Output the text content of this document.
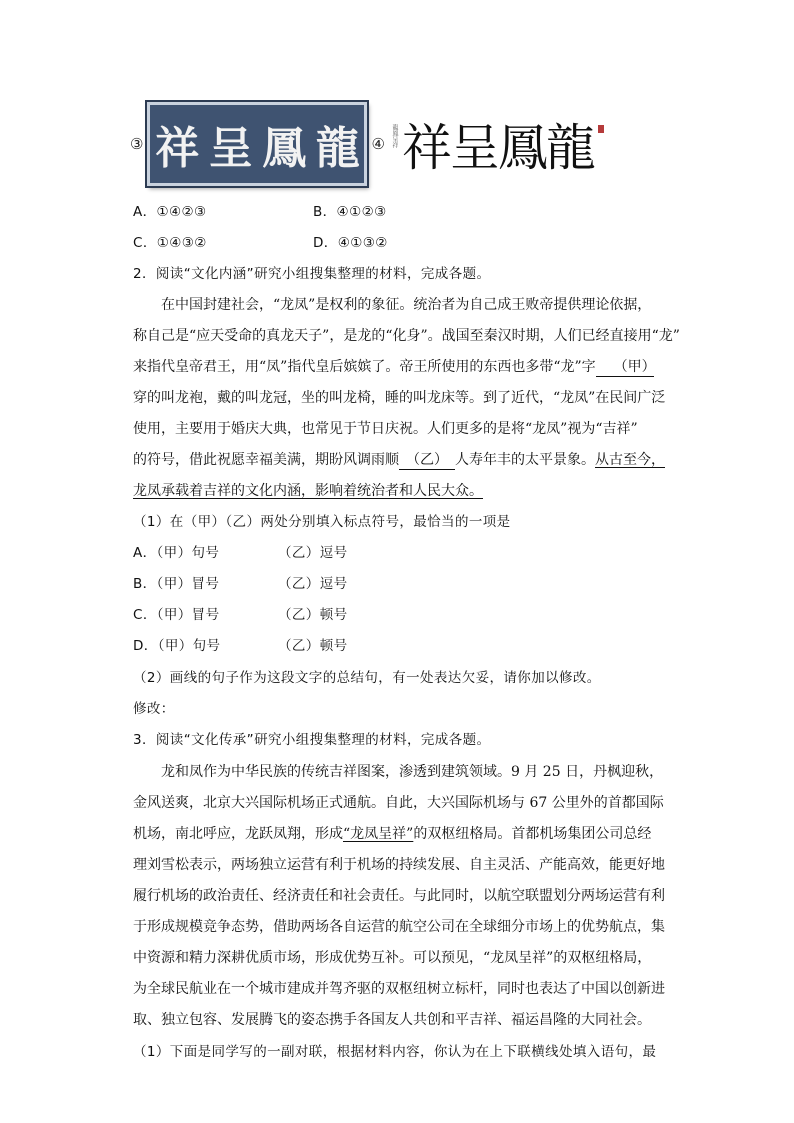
③ 祥 呈 鳳 龍 ④ 龍鳳呈祥 祥呈鳳龍
A．①④②③	B．④①②③
C．①④③②	D．④①③②
2．阅读“文化内涵”研究小组搜集整理的材料，完成各题。
在中国封建社会，“龙凤”是权利的象征。统治者为自己成王败帝提供理论依据，
称自己是“应天受命的真龙天子”，是龙的“化身”。战国至秦汉时期，人们已经直接用“龙”
来指代皇帝君王，用“凤”指代皇后嫔嫔了。帝王所使用的东西也多带“龙”字 （甲）
穿的叫龙袍，戴的叫龙冠，坐的叫龙椅，睡的叫龙床等。到了近代，“龙凤”在民间广泛
使用，主要用于婚庆大典，也常见于节日庆祝。人们更多的是将“龙凤”视为“吉祥”
的符号，借此祝愿幸福美满，期盼风调雨顺 （乙） 人寿年丰的太平景象。从古至今，
龙凤承载着吉祥的文化内涵，影响着统治者和人民大众。
（1）在（甲）（乙）两处分别填入标点符号，最恰当的一项是
A．（甲）句号	（乙）逗号
B．（甲）冒号	（乙）逗号
C．（甲）冒号	（乙）顿号
D．（甲）句号	（乙）顿号
（2）画线的句子作为这段文字的总结句，有一处表达欠妥，请你加以修改。
修改：
3．阅读“文化传承”研究小组搜集整理的材料，完成各题。
龙和凤作为中华民族的传统吉祥图案，渗透到建筑领域。9 月 25 日，丹枫迎秋，
金风送爽，北京大兴国际机场正式通航。自此，大兴国际机场与 67 公里外的首都国际
机场，南北呼应，龙跃凤翔，形成“龙凤呈祥”的双枢纽格局。首都机场集团公司总经
理刘雪松表示，两场独立运营有利于机场的持续发展、自主灵活、产能高效，能更好地
履行机场的政治责任、经济责任和社会责任。与此同时，以航空联盟划分两场运营有利
于形成规模竞争态势，借助两场各自运营的航空公司在全球细分市场上的优势航点，集
中资源和精力深耕优质市场，形成优势互补。可以预见，“龙凤呈祥”的双枢纽格局，
为全球民航业在一个城市建成并驾齐驱的双枢纽树立标杆，同时也表达了中国以创新进
取、独立包容、发展腾飞的姿态携手各国友人共创和平吉祥、福运昌隆的大同社会。
（1）下面是同学写的一副对联，根据材料内容，你认为在上下联横线处填入语句，最
